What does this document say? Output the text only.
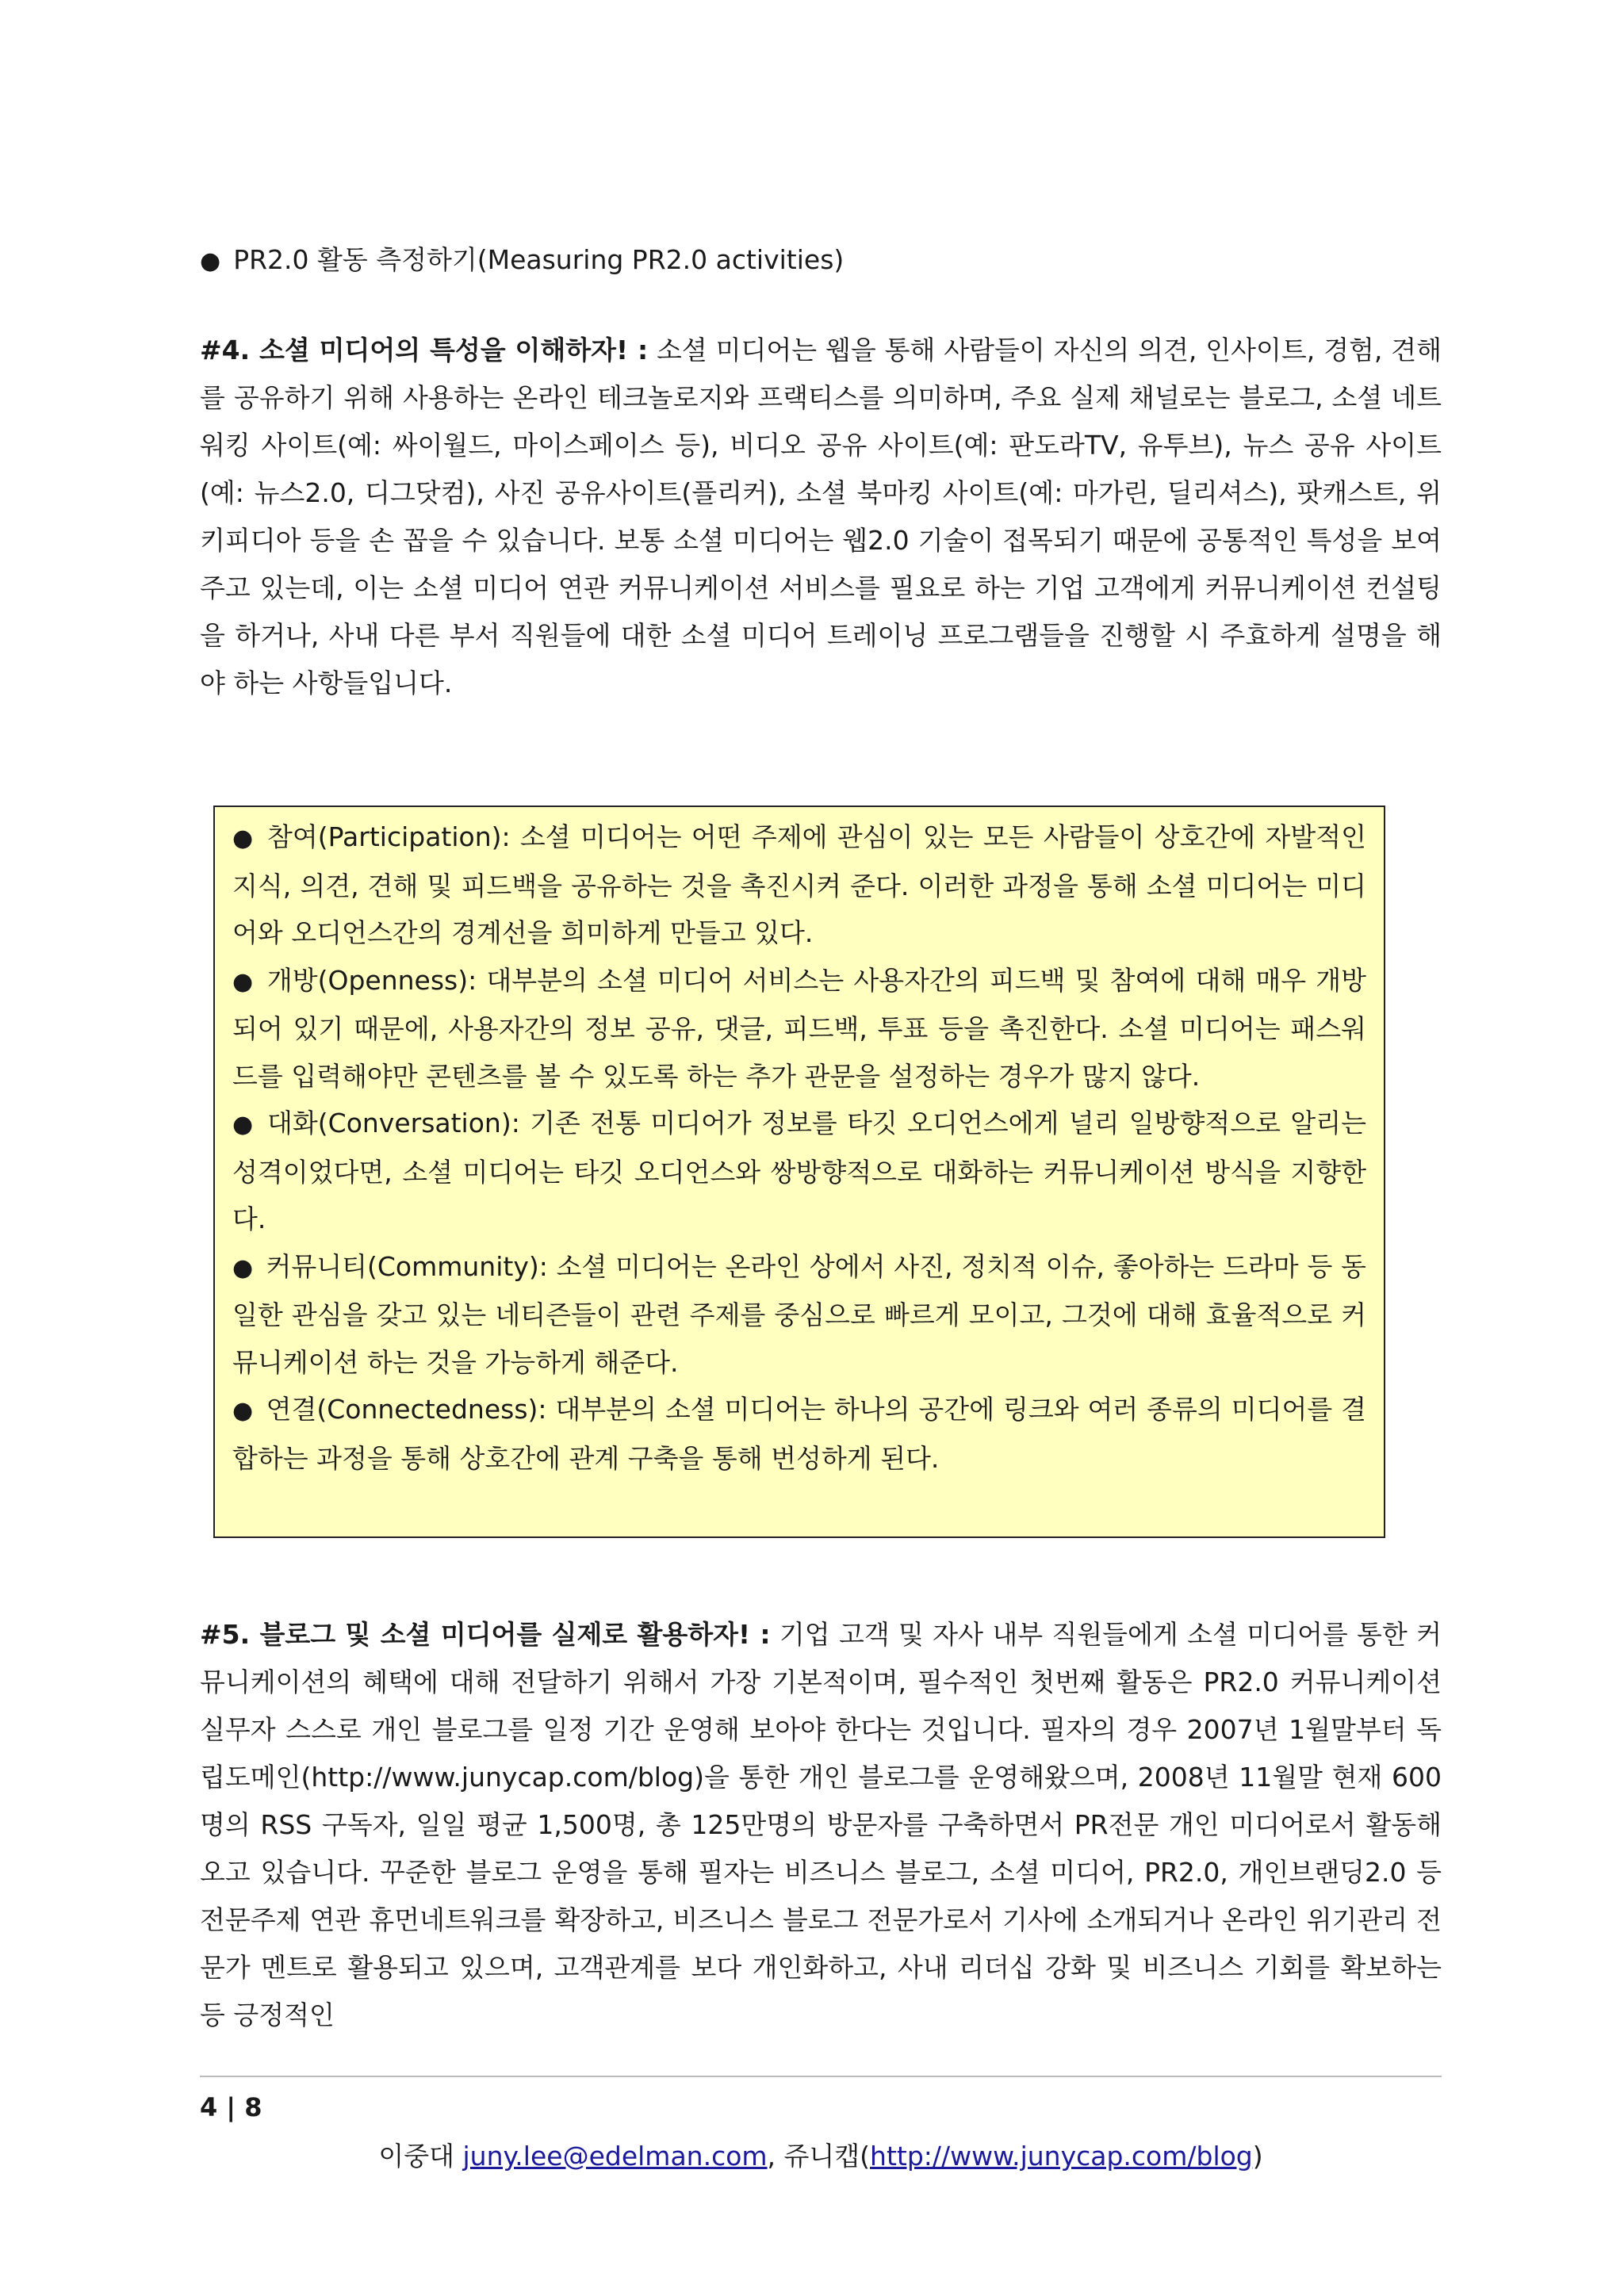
● PR2.0 활동 측정하기(Measuring PR2.0 activities)
#4. 소셜 미디어의 특성을 이해하자! : 소셜 미디어는 웹을 통해 사람들이 자신의 의견, 인사이트, 경험, 견해를 공유하기 위해 사용하는 온라인 테크놀로지와 프랙티스를 의미하며, 주요 실제 채널로는 블로그, 소셜 네트워킹 사이트(예: 싸이월드, 마이스페이스 등), 비디오 공유 사이트(예: 판도라TV, 유투브), 뉴스 공유 사이트(예: 뉴스2.0, 디그닷컴), 사진 공유사이트(플리커), 소셜 북마킹 사이트(예: 마가린, 딜리셔스), 팟캐스트, 위키피디아 등을 손 꼽을 수 있습니다. 보통 소셜 미디어는 웹2.0 기술이 접목되기 때문에 공통적인 특성을 보여주고 있는데, 이는 소셜 미디어 연관 커뮤니케이션 서비스를 필요로 하는 기업 고객에게 커뮤니케이션 컨설팅을 하거나, 사내 다른 부서 직원들에 대한 소셜 미디어 트레이닝 프로그램들을 진행할 시 주효하게 설명을 해야 하는 사항들입니다.
● 참여(Participation): 소셜 미디어는 어떤 주제에 관심이 있는 모든 사람들이 상호간에 자발적인 지식, 의견, 견해 및 피드백을 공유하는 것을 촉진시켜 준다. 이러한 과정을 통해 소셜 미디어는 미디어와 오디언스간의 경계선을 희미하게 만들고 있다.
● 개방(Openness): 대부분의 소셜 미디어 서비스는 사용자간의 피드백 및 참여에 대해 매우 개방되어 있기 때문에, 사용자간의 정보 공유, 댓글, 피드백, 투표 등을 촉진한다. 소셜 미디어는 패스워드를 입력해야만 콘텐츠를 볼 수 있도록 하는 추가 관문을 설정하는 경우가 많지 않다.
● 대화(Conversation): 기존 전통 미디어가 정보를 타깃 오디언스에게 널리 일방향적으로 알리는 성격이었다면, 소셜 미디어는 타깃 오디언스와 쌍방향적으로 대화하는 커뮤니케이션 방식을 지향한다.
● 커뮤니티(Community): 소셜 미디어는 온라인 상에서 사진, 정치적 이슈, 좋아하는 드라마 등 동일한 관심을 갖고 있는 네티즌들이 관련 주제를 중심으로 빠르게 모이고, 그것에 대해 효율적으로 커뮤니케이션 하는 것을 가능하게 해준다.
● 연결(Connectedness): 대부분의 소셜 미디어는 하나의 공간에 링크와 여러 종류의 미디어를 결합하는 과정을 통해 상호간에 관계 구축을 통해 번성하게 된다.
#5. 블로그 및 소셜 미디어를 실제로 활용하자! : 기업 고객 및 자사 내부 직원들에게 소셜 미디어를 통한 커뮤니케이션의 혜택에 대해 전달하기 위해서 가장 기본적이며, 필수적인 첫번째 활동은 PR2.0 커뮤니케이션 실무자 스스로 개인 블로그를 일정 기간 운영해 보아야 한다는 것입니다. 필자의 경우 2007년 1월말부터 독립도메인(http://www.junycap.com/blog)을 통한 개인 블로그를 운영해왔으며, 2008년 11월말 현재 600명의 RSS 구독자, 일일 평균 1,500명, 총 125만명의 방문자를 구축하면서 PR전문 개인 미디어로서 활동해오고 있습니다. 꾸준한 블로그 운영을 통해 필자는 비즈니스 블로그, 소셜 미디어, PR2.0, 개인브랜딩2.0 등 전문주제 연관 휴먼네트워크를 확장하고, 비즈니스 블로그 전문가로서 기사에 소개되거나 온라인 위기관리 전문가 멘트로 활용되고 있으며, 고객관계를 보다 개인화하고, 사내 리더십 강화 및 비즈니스 기회를 확보하는 등 긍정적인
4 | 8
이중대 juny.lee@edelman.com, 쥬니캡(http://www.junycap.com/blog)
